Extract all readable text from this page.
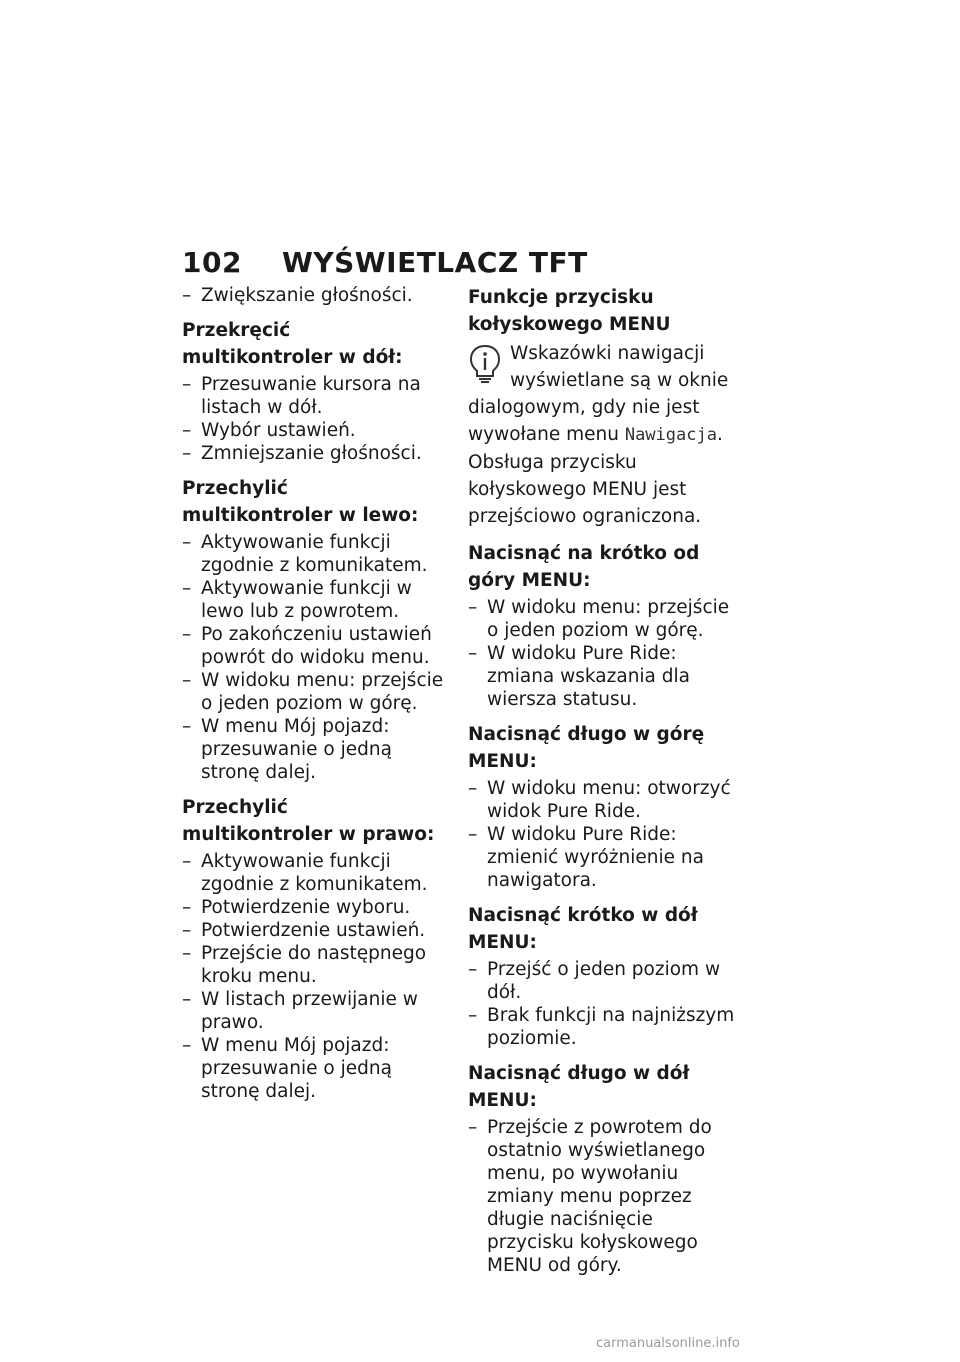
102 WYŚWIETLACZ TFT
– Zwiększanie głośności.
Przekręcić multikontroler w dół:
– Przesuwanie kursora na listach w dół.
– Wybór ustawień.
– Zmniejszanie głośności.
Przechylić multikontroler w lewo:
– Aktywowanie funkcji zgodnie z komunikatem.
– Aktywowanie funkcji w lewo lub z powrotem.
– Po zakończeniu ustawień powrót do widoku menu.
– W widoku menu: przejście o jeden poziom w górę.
– W menu Mój pojazd: przesuwanie o jedną stronę dalej.
Przechylić multikontroler w prawo:
– Aktywowanie funkcji zgodnie z komunikatem.
– Potwierdzenie wyboru.
– Potwierdzenie ustawień.
– Przejście do następnego kroku menu.
– W listach przewijanie w prawo.
– W menu Mój pojazd: przesuwanie o jedną stronę dalej.
Funkcje przycisku kołyskowego MENU
Wskazówki nawigacji wyświetlane są w oknie dialogowym, gdy nie jest wywołane menu Nawigacja. Obsługa przycisku kołyskowego MENU jest przejściowo ograniczona.
Nacisnąć na krótko od góry MENU:
– W widoku menu: przejście o jeden poziom w górę.
– W widoku Pure Ride: zmiana wskazania dla wiersza statusu.
Nacisnąć długo w górę MENU:
– W widoku menu: otworzyć widok Pure Ride.
– W widoku Pure Ride: zmienić wyróżnienie na nawigatora.
Nacisnąć krótko w dół MENU:
– Przejść o jeden poziom w dół.
– Brak funkcji na najniższym poziomie.
Nacisnąć długo w dół MENU:
– Przejście z powrotem do ostatnio wyświetlanego menu, po wywołaniu zmiany menu poprzez długie naciśnięcie przycisku kołyskowego MENU od góry.
carmanualsonline.info
